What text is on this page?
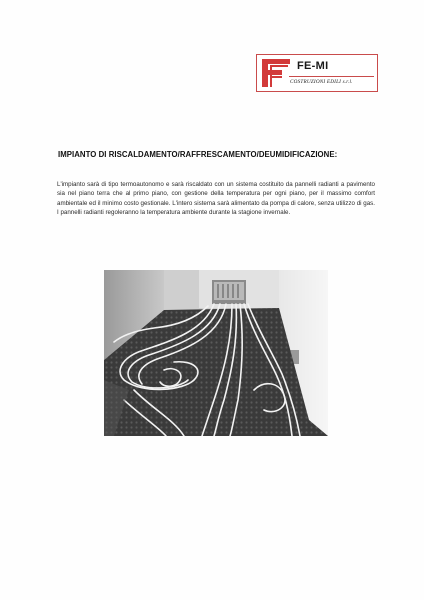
FE-MI
COSTRUZIONI EDILI s.r.l.
IMPIANTO DI RISCALDAMENTO/RAFFRESCAMENTO/DEUMIDIFICAZIONE:
L'impianto sarà di tipo termoautonomo e sarà riscaldato con un sistema costituito da pannelli radianti a pavimento sia nel piano terra che al primo piano, con gestione della temperatura per ogni piano, per il massimo comfort ambientale ed il minimo costo gestionale. L'intero sistema sarà alimentato da pompa di calore, senza utilizzo di gas. I pannelli radianti regoleranno la temperatura ambiente durante la stagione invernale.
